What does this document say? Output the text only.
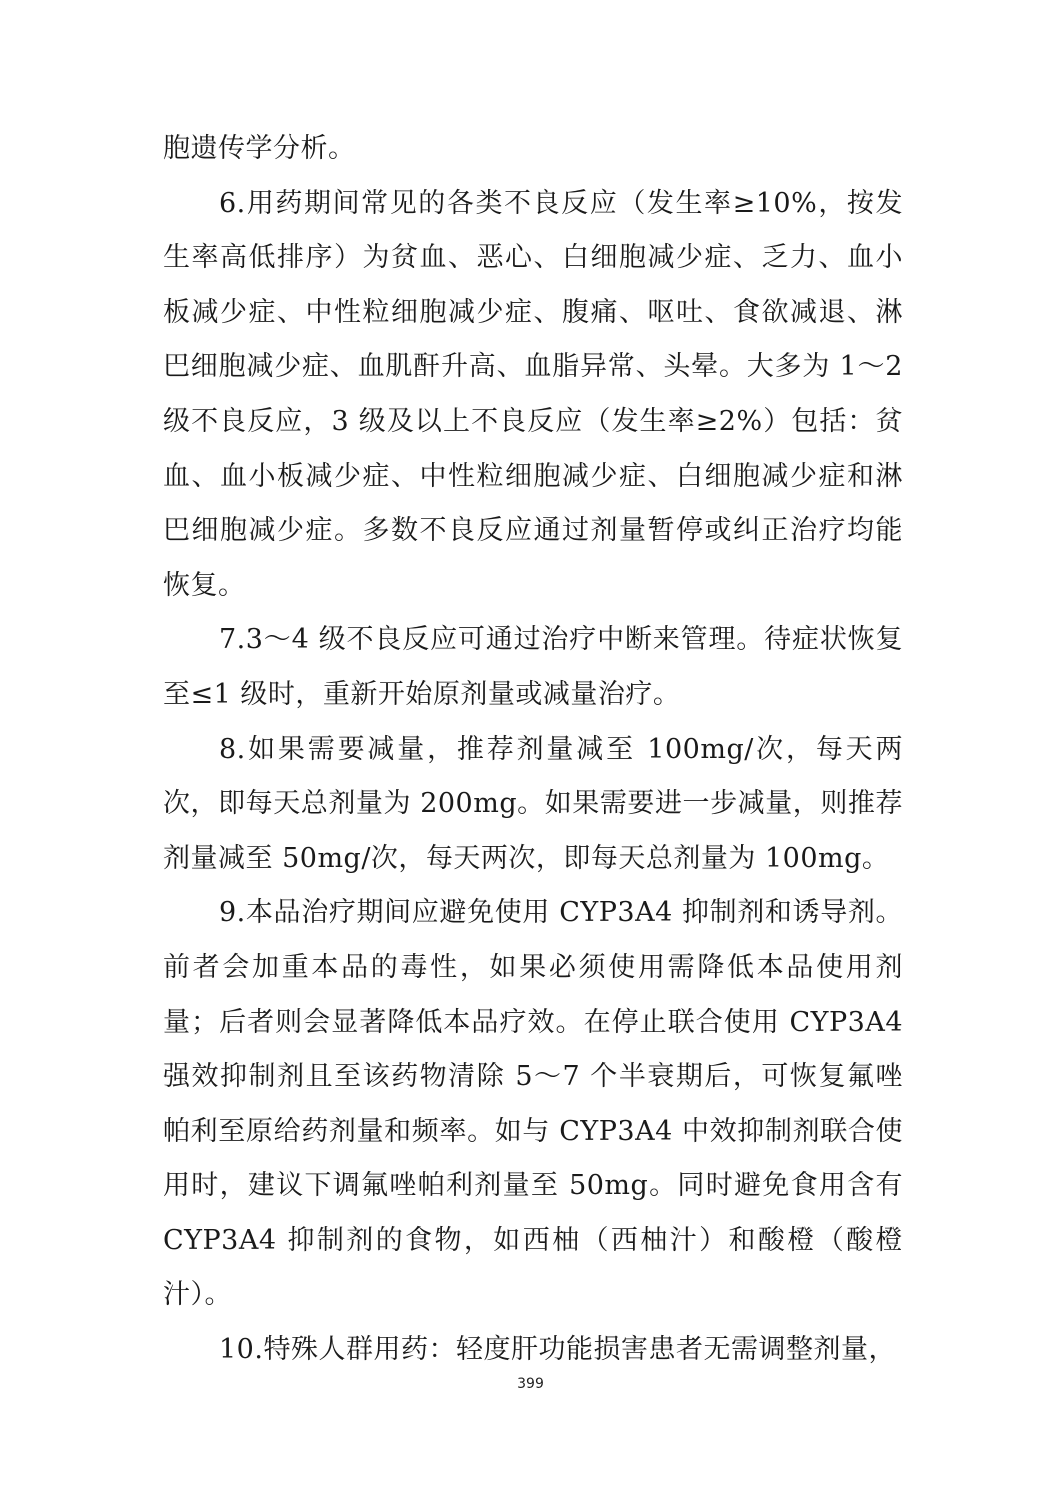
胞遗传学分析。

6.用药期间常见的各类不良反应（发生率≥10%，按发生率高低排序）为贫血、恶心、白细胞减少症、乏力、血小板减少症、中性粒细胞减少症、腹痛、呕吐、食欲减退、淋巴细胞减少症、血肌酐升高、血脂异常、头晕。大多为 1～2 级不良反应，3 级及以上不良反应（发生率≥2%）包括：贫血、血小板减少症、中性粒细胞减少症、白细胞减少症和淋巴细胞减少症。多数不良反应通过剂量暂停或纠正治疗均能恢复。

7.3～4 级不良反应可通过治疗中断来管理。待症状恢复至≤1 级时，重新开始原剂量或减量治疗。

8.如果需要减量，推荐剂量减至 100mg/次，每天两次，即每天总剂量为 200mg。如果需要进一步减量，则推荐剂量减至 50mg/次，每天两次，即每天总剂量为 100mg。

9.本品治疗期间应避免使用 CYP3A4 抑制剂和诱导剂。前者会加重本品的毒性，如果必须使用需降低本品使用剂量；后者则会显著降低本品疗效。在停止联合使用 CYP3A4 强效抑制剂且至该药物清除 5～7 个半衰期后，可恢复氟唑帕利至原给药剂量和频率。如与 CYP3A4 中效抑制剂联合使用时，建议下调氟唑帕利剂量至 50mg。同时避免食用含有 CYP3A4 抑制剂的食物，如西柚（西柚汁）和酸橙（酸橙汁）。

10.特殊人群用药：轻度肝功能损害患者无需调整剂量，

399
